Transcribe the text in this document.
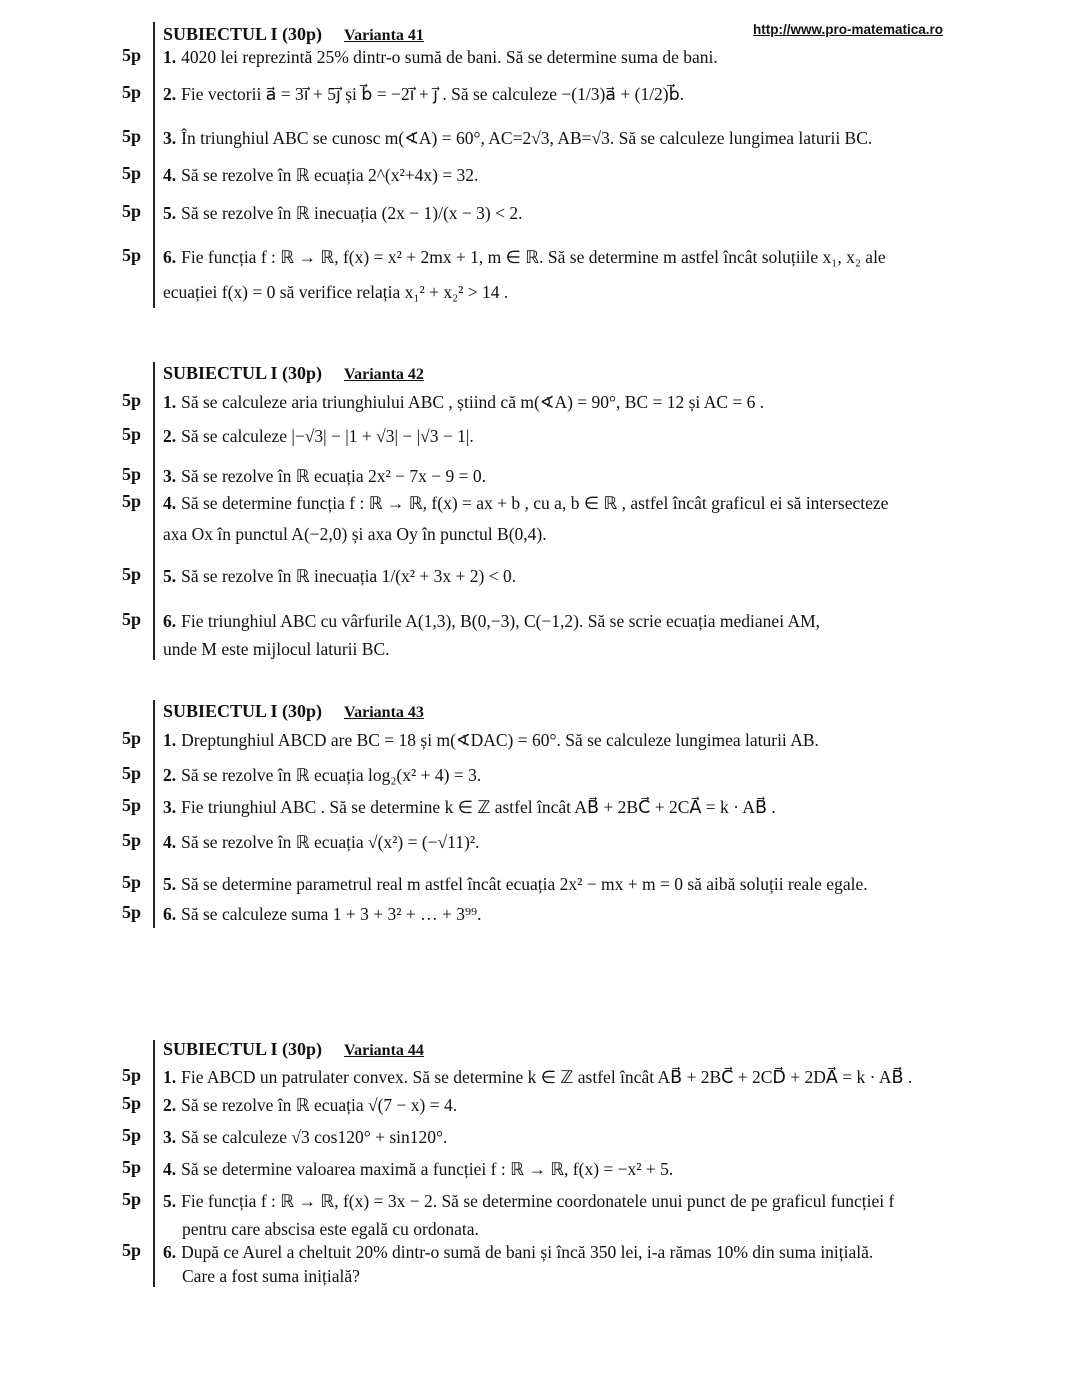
http://www.pro-matematica.ro
SUBIECTUL I (30p) Varianta 41
5p 1. 4020 lei reprezintă 25% dintr-o sumă de bani. Să se determine suma de bani.
5p 2. Fie vectorii a⃗ = 3i⃗ + 5j⃗ și b⃗ = −2i⃗ + j⃗ . Să se calculeze −(1/3)a⃗ + (1/2)b⃗.
5p 3. În triunghiul ABC se cunosc m(∢A) = 60°, AC=2√3, AB=√3. Să se calculeze lungimea laturii BC.
5p 4. Să se rezolve în ℝ ecuația 2^(x²+4x) = 32.
5p 5. Să se rezolve în ℝ inecuația (2x − 1)/(x − 3) < 2.
5p 6. Fie funcția f : ℝ → ℝ, f(x) = x² + 2mx + 1, m ∈ ℝ. Să se determine m astfel încât soluțiile x₁, x₂ ale
ecuației f(x) = 0 să verifice relația x₁² + x₂² > 14 .
SUBIECTUL I (30p) Varianta 42
5p 1. Să se calculeze aria triunghiului ABC , știind că m(∢A) = 90°, BC = 12 și AC = 6 .
5p 2. Să se calculeze |−√3| − |1 + √3| − |√3 − 1|.
5p 3. Să se rezolve în ℝ ecuația 2x² − 7x − 9 = 0.
5p 4. Să se determine funcția f : ℝ → ℝ, f(x) = ax + b , cu a, b ∈ ℝ , astfel încât graficul ei să intersecteze
axa Ox în punctul A(−2,0) și axa Oy în punctul B(0,4).
5p 5. Să se rezolve în ℝ inecuația 1/(x² + 3x + 2) < 0.
5p 6. Fie triunghiul ABC cu vârfurile A(1,3), B(0,−3), C(−1,2). Să se scrie ecuația medianei AM,
unde M este mijlocul laturii BC.
SUBIECTUL I (30p) Varianta 43
5p 1. Dreptunghiul ABCD are BC = 18 și m(∢DAC) = 60°. Să se calculeze lungimea laturii AB.
5p 2. Să se rezolve în ℝ ecuația log₂(x² + 4) = 3.
5p 3. Fie triunghiul ABC . Să se determine k ∈ ℤ astfel încât AB⃗ + 2BC⃗ + 2CA⃗ = k · AB⃗ .
5p 4. Să se rezolve în ℝ ecuația √(x²) = (−√11)².
5p 5. Să se determine parametrul real m astfel încât ecuația 2x² − mx + m = 0 să aibă soluții reale egale.
5p 6. Să se calculeze suma 1 + 3 + 3² + … + 3⁹⁹.
SUBIECTUL I (30p) Varianta 44
5p 1. Fie ABCD un patrulater convex. Să se determine k ∈ ℤ astfel încât AB⃗ + 2BC⃗ + 2CD⃗ + 2DA⃗ = k · AB⃗ .
5p 2. Să se rezolve în ℝ ecuația √(7 − x) = 4.
5p 3. Să se calculeze √3 cos120° + sin120°.
5p 4. Să se determine valoarea maximă a funcției f : ℝ → ℝ, f(x) = −x² + 5.
5p 5. Fie funcția f : ℝ → ℝ, f(x) = 3x − 2. Să se determine coordonatele unui punct de pe graficul funcției f
pentru care abscisa este egală cu ordonata.
5p 6. După ce Aurel a cheltuit 20% dintr-o sumă de bani și încă 350 lei, i-a rămas 10% din suma inițială.
Care a fost suma inițială?
